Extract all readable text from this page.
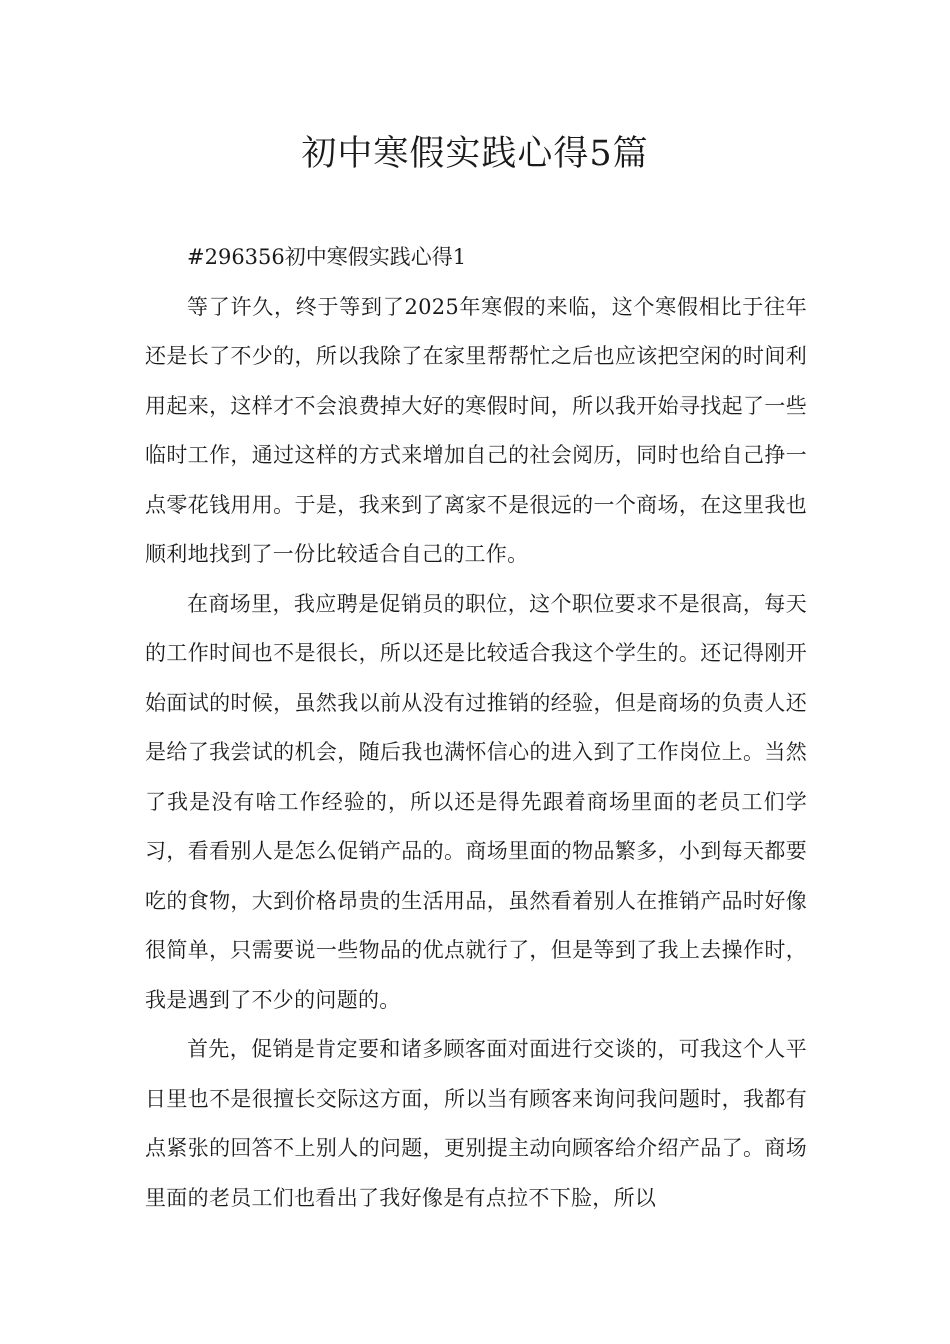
初中寒假实践心得5篇

#296356初中寒假实践心得1

等了许久，终于等到了2025年寒假的来临，这个寒假相比于往年还是长了不少的，所以我除了在家里帮帮忙之后也应该把空闲的时间利用起来，这样才不会浪费掉大好的寒假时间，所以我开始寻找起了一些临时工作，通过这样的方式来增加自己的社会阅历，同时也给自己挣一点零花钱用用。于是，我来到了离家不是很远的一个商场，在这里我也顺利地找到了一份比较适合自己的工作。

在商场里，我应聘是促销员的职位，这个职位要求不是很高，每天的工作时间也不是很长，所以还是比较适合我这个学生的。还记得刚开始面试的时候，虽然我以前从没有过推销的经验，但是商场的负责人还是给了我尝试的机会，随后我也满怀信心的进入到了工作岗位上。当然了我是没有啥工作经验的，所以还是得先跟着商场里面的老员工们学习，看看别人是怎么促销产品的。商场里面的物品繁多，小到每天都要吃的食物，大到价格昂贵的生活用品，虽然看着别人在推销产品时好像很简单，只需要说一些物品的优点就行了，但是等到了我上去操作时，我是遇到了不少的问题的。

首先，促销是肯定要和诸多顾客面对面进行交谈的，可我这个人平日里也不是很擅长交际这方面，所以当有顾客来询问我问题时，我都有点紧张的回答不上别人的问题，更别提主动向顾客给介绍产品了。商场里面的老员工们也看出了我好像是有点拉不下脸，所以
